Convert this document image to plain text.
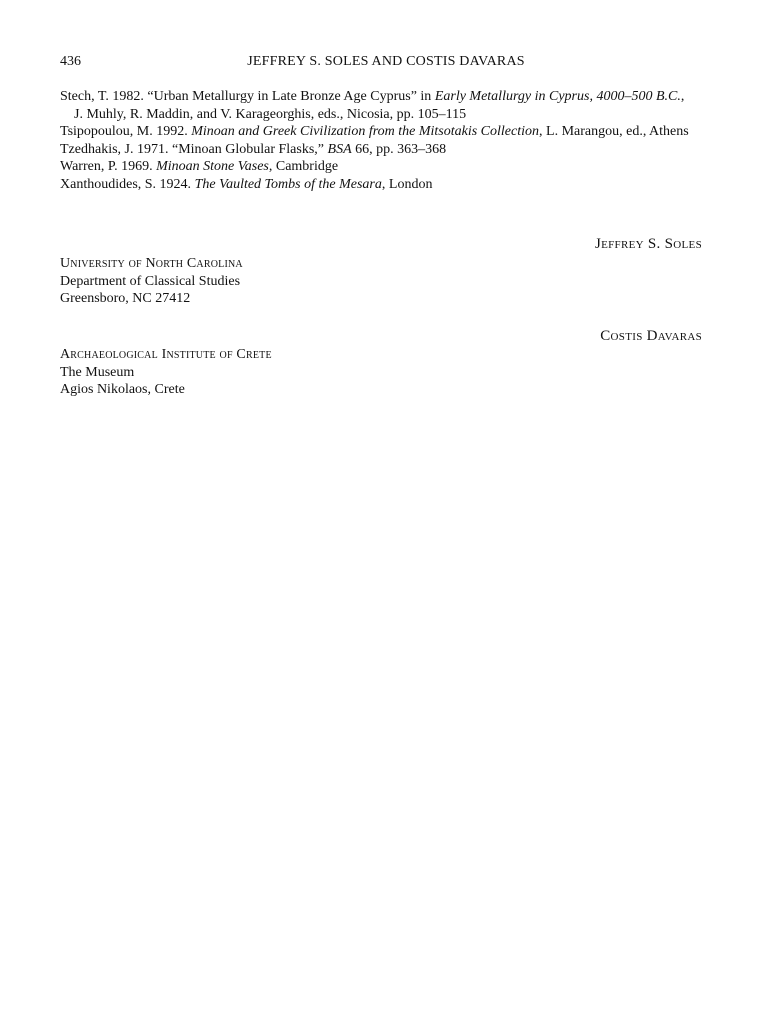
436	JEFFREY S. SOLES AND COSTIS DAVARAS

Stech, T. 1982. “Urban Metallurgy in Late Bronze Age Cyprus” in Early Metallurgy in Cyprus, 4000–500 B.C.,
J. Muhly, R. Maddin, and V. Karageorghis, eds., Nicosia, pp. 105–115

Tsipopoulou, M. 1992. Minoan and Greek Civilization from the Mitsotakis Collection, L. Marangou, ed., Athens

Tzedhakis, J. 1971. “Minoan Globular Flasks,” BSA 66, pp. 363–368

Warren, P. 1969. Minoan Stone Vases, Cambridge

Xanthoudides, S. 1924. The Vaulted Tombs of the Mesara, London

Jeffrey S. Soles
University of North Carolina
Department of Classical Studies
Greensboro, NC 27412
Costis Davaras
Archaeological Institute of Crete
The Museum
Agios Nikolaos, Crete
